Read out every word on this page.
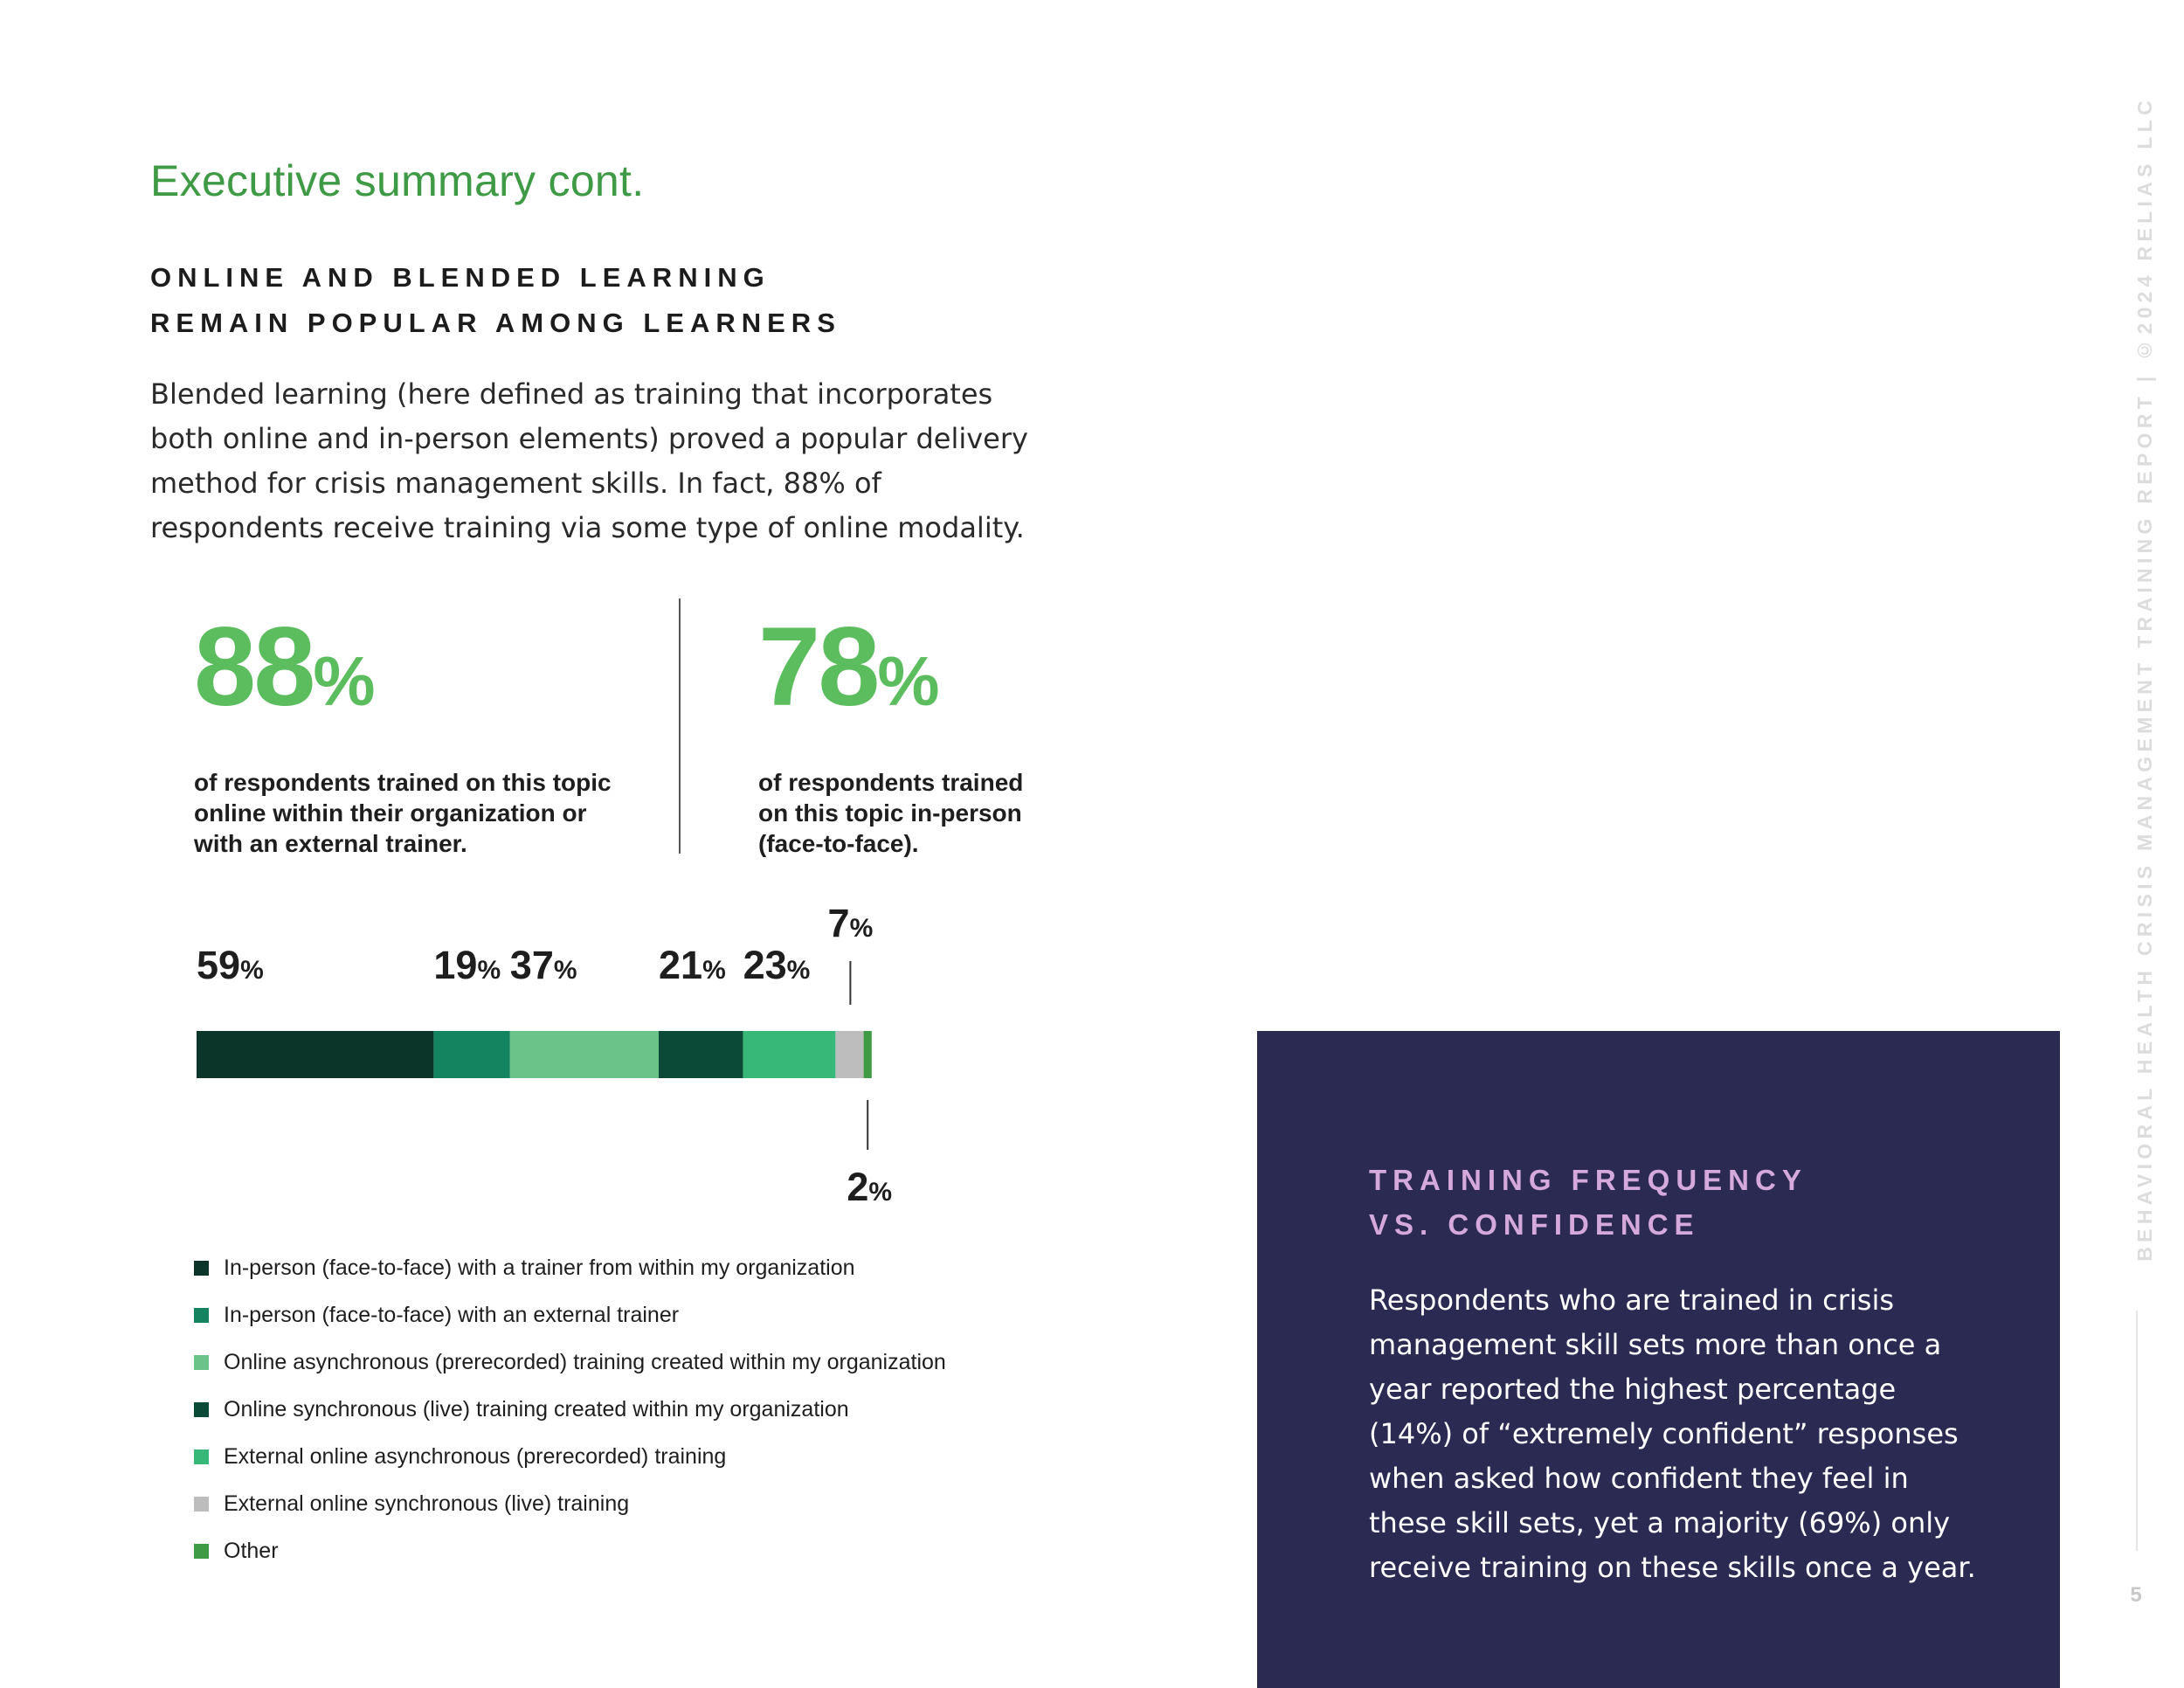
Executive summary cont.
ONLINE AND BLENDED LEARNING
REMAIN POPULAR AMONG LEARNERS

Blended learning (here defined as training that incorporates both online and in-person elements) proved a popular delivery method for crisis management skills. In fact, 88% of respondents receive training via some type of online modality.

88%

of respondents trained on this topic online within their organization or with an external trainer.

78%

of respondents trained on this topic in-person (face-to-face).

59%	19% 37% 21% 23%
7%
2%
In-person (face-to-face) with a trainer from within my organization
In-person (face-to-face) with an external trainer
Online asynchronous (prerecorded) training created within my organization
Online synchronous (live) training created within my organization
External online asynchronous (prerecorded) training
External online synchronous (live) training
Other
TRAINING FREQUENCY
VS. CONFIDENCE

Respondents who are trained in crisis management skill sets more than once a year reported the highest percentage (14%) of “extremely confident” responses when asked how confident they feel in these skill sets, yet a majority (69%) only receive training on these skills once a year.

BEHAVIORAL HEALTH CRISIS MANAGEMENT TRAINING REPORT | ©2024 RELIAS LLC

5
